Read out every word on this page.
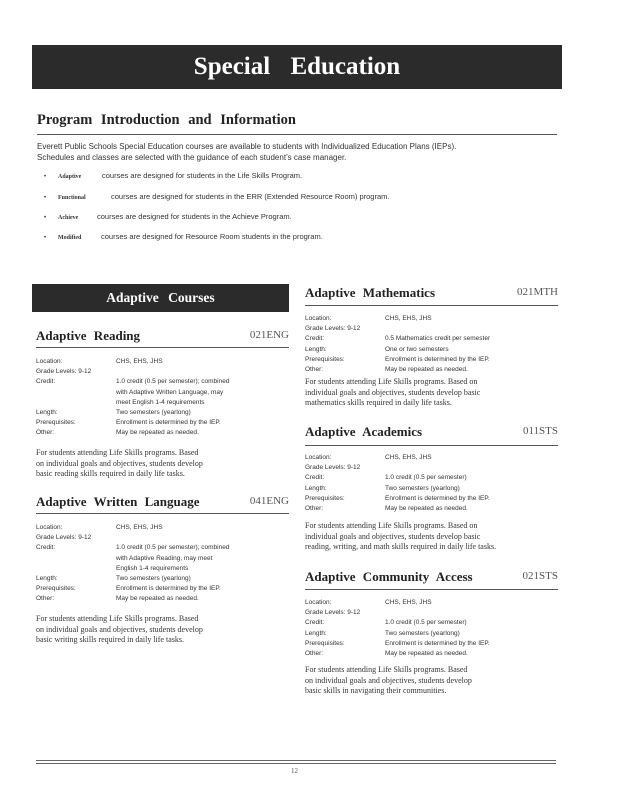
Special Education
Program Introduction and Information
Everett Public Schools Special Education courses are available to students with Individualized Education Plans (IEPs). Schedules and classes are selected with the guidance of each student’s case manager.
• Adaptive	courses are designed for students in the Life Skills Program.
• Functional	courses are designed for students in the ERR (Extended Resource Room) program.
• Achieve courses are designed for students in the Achieve Program.
• Modified	courses are designed for Resource Room students in the program.
Adaptive Courses
Adaptive Reading	021ENG
Location:	CHS, EHS, JHS
Grade Levels: 9-12
Credit:	1.0 credit (0.5 per semester); combined
with Adaptive Written Language, may
meet English 1-4 requirements
Length:	Two semesters (yearlong)
Prerequisites:	Enrollment is determined by the IEP.
Other:	May be repeated as needed.
For students attending Life Skills programs. Based
on individual goals and objectives, students develop
basic reading skills required in daily life tasks.
Adaptive Written Language	041ENG
Location:	CHS, EHS, JHS
Grade Levels: 9-12
Credit:	1.0 credit (0.5 per semester); combined
with Adaptive Reading, may meet
English 1-4 requirements
Length:	Two semesters (yearlong)
Prerequisites:	Enrollment is determined by the IEP.
Other:	May be repeated as needed.
For students attending Life Skills programs. Based
on individual goals and objectives, students develop
basic writing skills required in daily life tasks.
Adaptive Mathematics	021MTH
Location:	CHS, EHS, JHS
Grade Levels: 9-12
Credit:	0.5 Mathematics credit per semester
Length:	One or two semesters
Prerequisites:	Enrollment is determined by the IEP.
Other:	May be repeated as needed.
For students attending Life Skills programs. Based on
individual goals and objectives, students develop basic
mathematics skills required in daily life tasks.
Adaptive Academics	011STS
Location:	CHS, EHS, JHS
Grade Levels: 9-12
Credit:	1.0 credit (0.5 per semester)
Length:	Two semesters (yearlong)
Prerequisites:	Enrollment is determined by the IEP.
Other:	May be repeated as needed.
For students attending Life Skills programs. Based on
individual goals and objectives, students develop basic
reading, writing, and math skills required in daily life tasks.
Adaptive Community Access	021STS
Location:	CHS, EHS, JHS
Grade Levels: 9-12
Credit:	1.0 credit (0.5 per semester)
Length:	Two semesters (yearlong)
Prerequisites:	Enrollment is determined by the IEP.
Other:	May be repeated as needed.
For students attending Life Skills programs. Based
on individual goals and objectives, students develop
basic skills in navigating their communities.
12
